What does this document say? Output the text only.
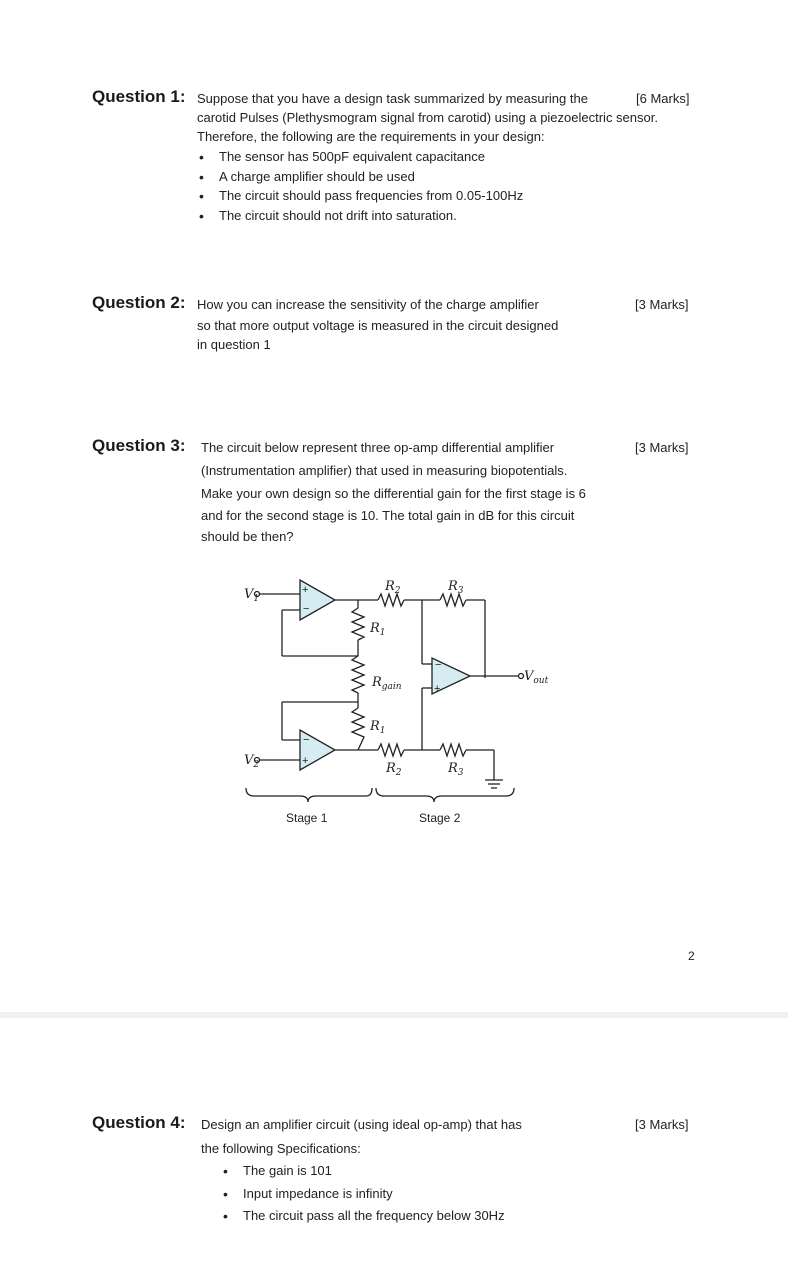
Question 1: Suppose that you have a design task summarized by measuring the
carotid Pulses (Plethysmogram signal from carotid) using a piezoelectric sensor.
Therefore, the following are the requirements in your design:
[6 Marks]
• The sensor has 500pF equivalent capacitance
• A charge amplifier should be used
• The circuit should pass frequencies from 0.05-100Hz
• The circuit should not drift into saturation.
Question 2: How you can increase the sensitivity of the charge amplifier
so that more output voltage is measured in the circuit designed
in question 1
[3 Marks]
Question 3: The circuit below represent three op-amp differential amplifier
(Instrumentation amplifier) that used in measuring biopotentials.
Make your own design so the differential gain for the first stage is 6
and for the second stage is 10. The total gain in dB for this circuit
should be then?
[3 Marks]
+
−
−
+
−
+
$V_1$
$V_2$
$R_2$	$R_3$
$R_1$
$R_{gain}$
$R_1$
$R_2$	$R_3$
$V_{out}$
Stage 1	Stage 2
2
Question 4: Design an amplifier circuit (using ideal op-amp) that has
the following Specifications:
[3 Marks]
• The gain is 101
• Input impedance is infinity
• The circuit pass all the frequency below 30Hz
